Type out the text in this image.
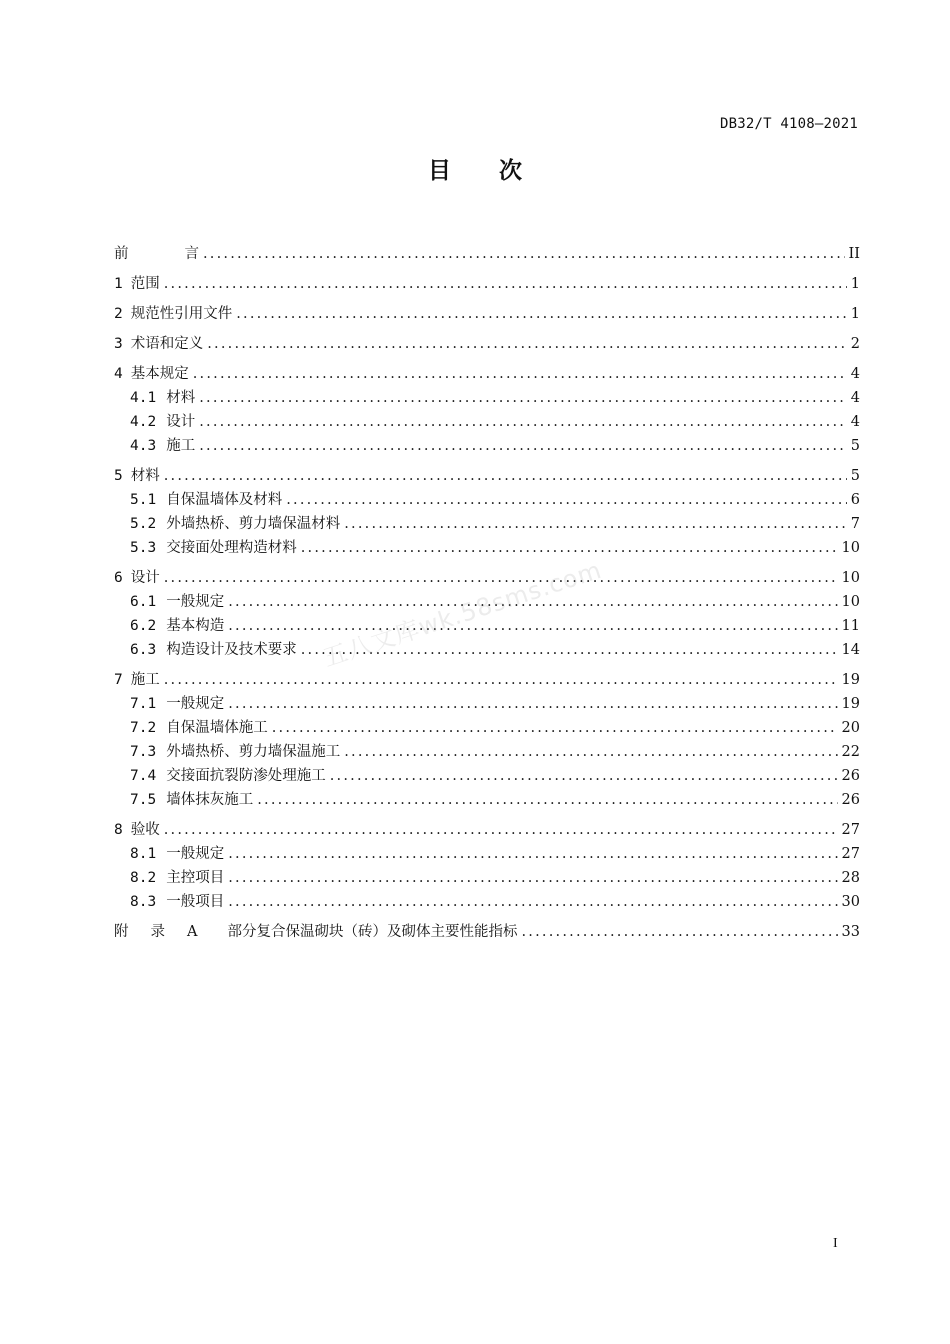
DB32/T 4108—2021
目 次
前	言 .....	II
1 范围 .....	1
2 规范性引用文件 .....	1
3 术语和定义 .....	2
4 基本规定 .....	4
4.1 材料 .....	4
4.2 设计 .....	4
4.3 施工 .....	5
5 材料 .....	5
5.1 自保温墙体及材料 .....	6
5.2 外墙热桥、剪力墙保温材料 .....	7
5.3 交接面处理构造材料 .....	10
6 设计 .....	10
6.1 一般规定 .....	10
6.2 基本构造 .....	11
6.3 构造设计及技术要求 .....	14
7 施工 .....	19
7.1 一般规定 .....	19
7.2 自保温墙体施工 .....	20
7.3 外墙热桥、剪力墙保温施工 .....	22
7.4 交接面抗裂防渗处理施工 .....	26
7.5 墙体抹灰施工 .....	26
8 验收 .....	27
8.1 一般规定 .....	27
8.2 主控项目 .....	28
8.3 一般项目 .....	30
附 录 A 部分复合保温砌块（砖）及砌体主要性能指标 .....	33
五八文库wk.58sms.com
I
